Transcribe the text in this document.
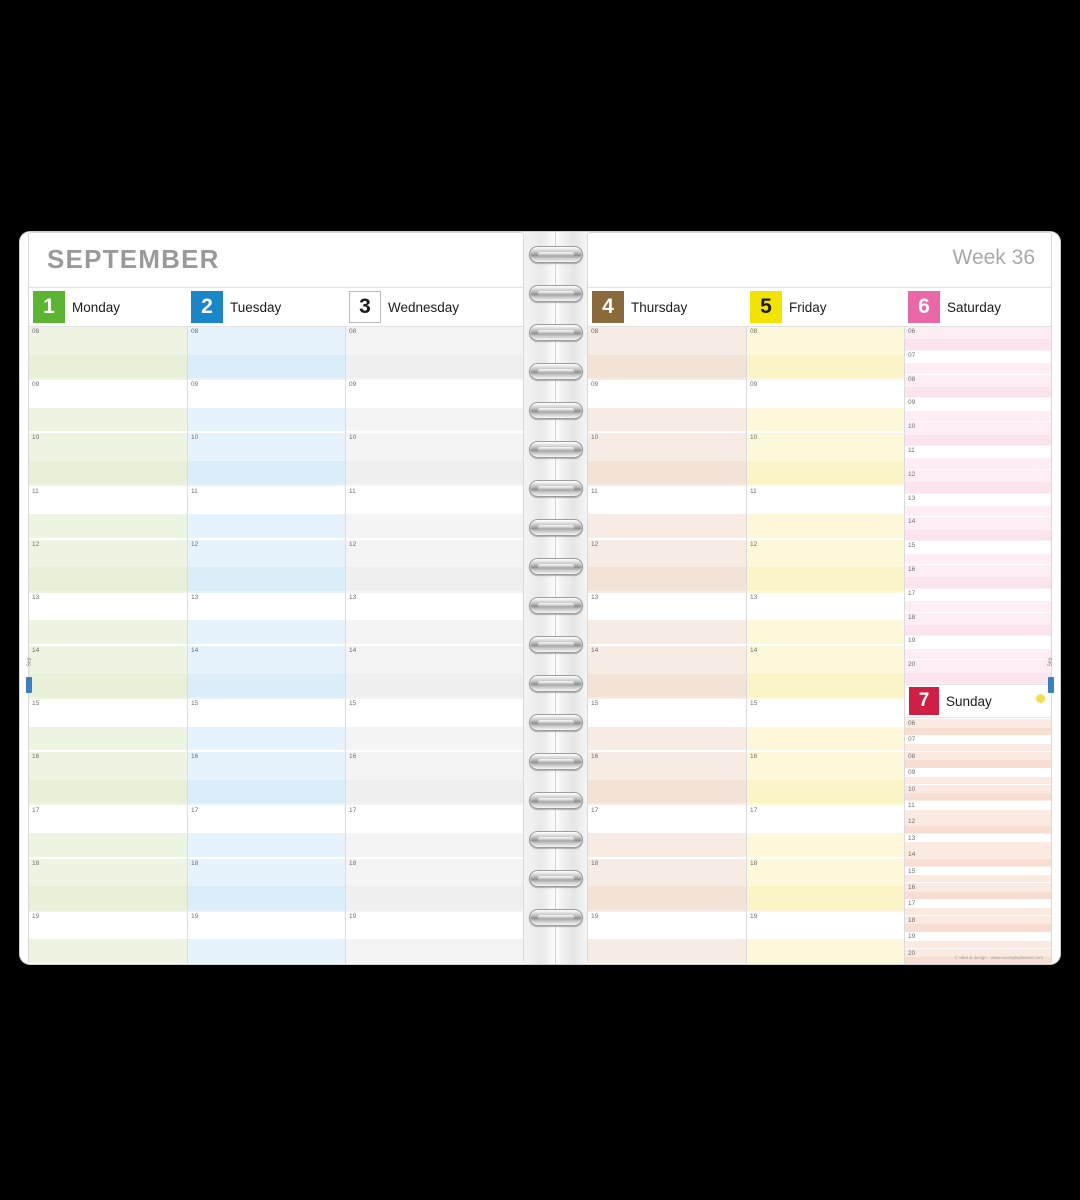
SEPTEMBER
1	Monday	2	Tuesday	3	Wednesday
08
09
10
11
12
13
14
15
16
17
18
19
08
09
10
11
12
13
14
15
16
17
18
19
08
09
10
11
12
13
14
15
16
17
18
19
Sep
Week 36
4	Thursday	5	Friday	6	Saturday
08
09
10
11
12
13
14
15
16
17
18
19
08
09
10
11
12
13
14
15
16
17
18
19
06
07
08
09
10
11
12
13
14
15
16
17
18
19
20
7	Sunday
06
07
08
09
10
11
12
13
14
15
16
17
18
19
20
© Idea & design · www.exempleplanner.com
Sep
